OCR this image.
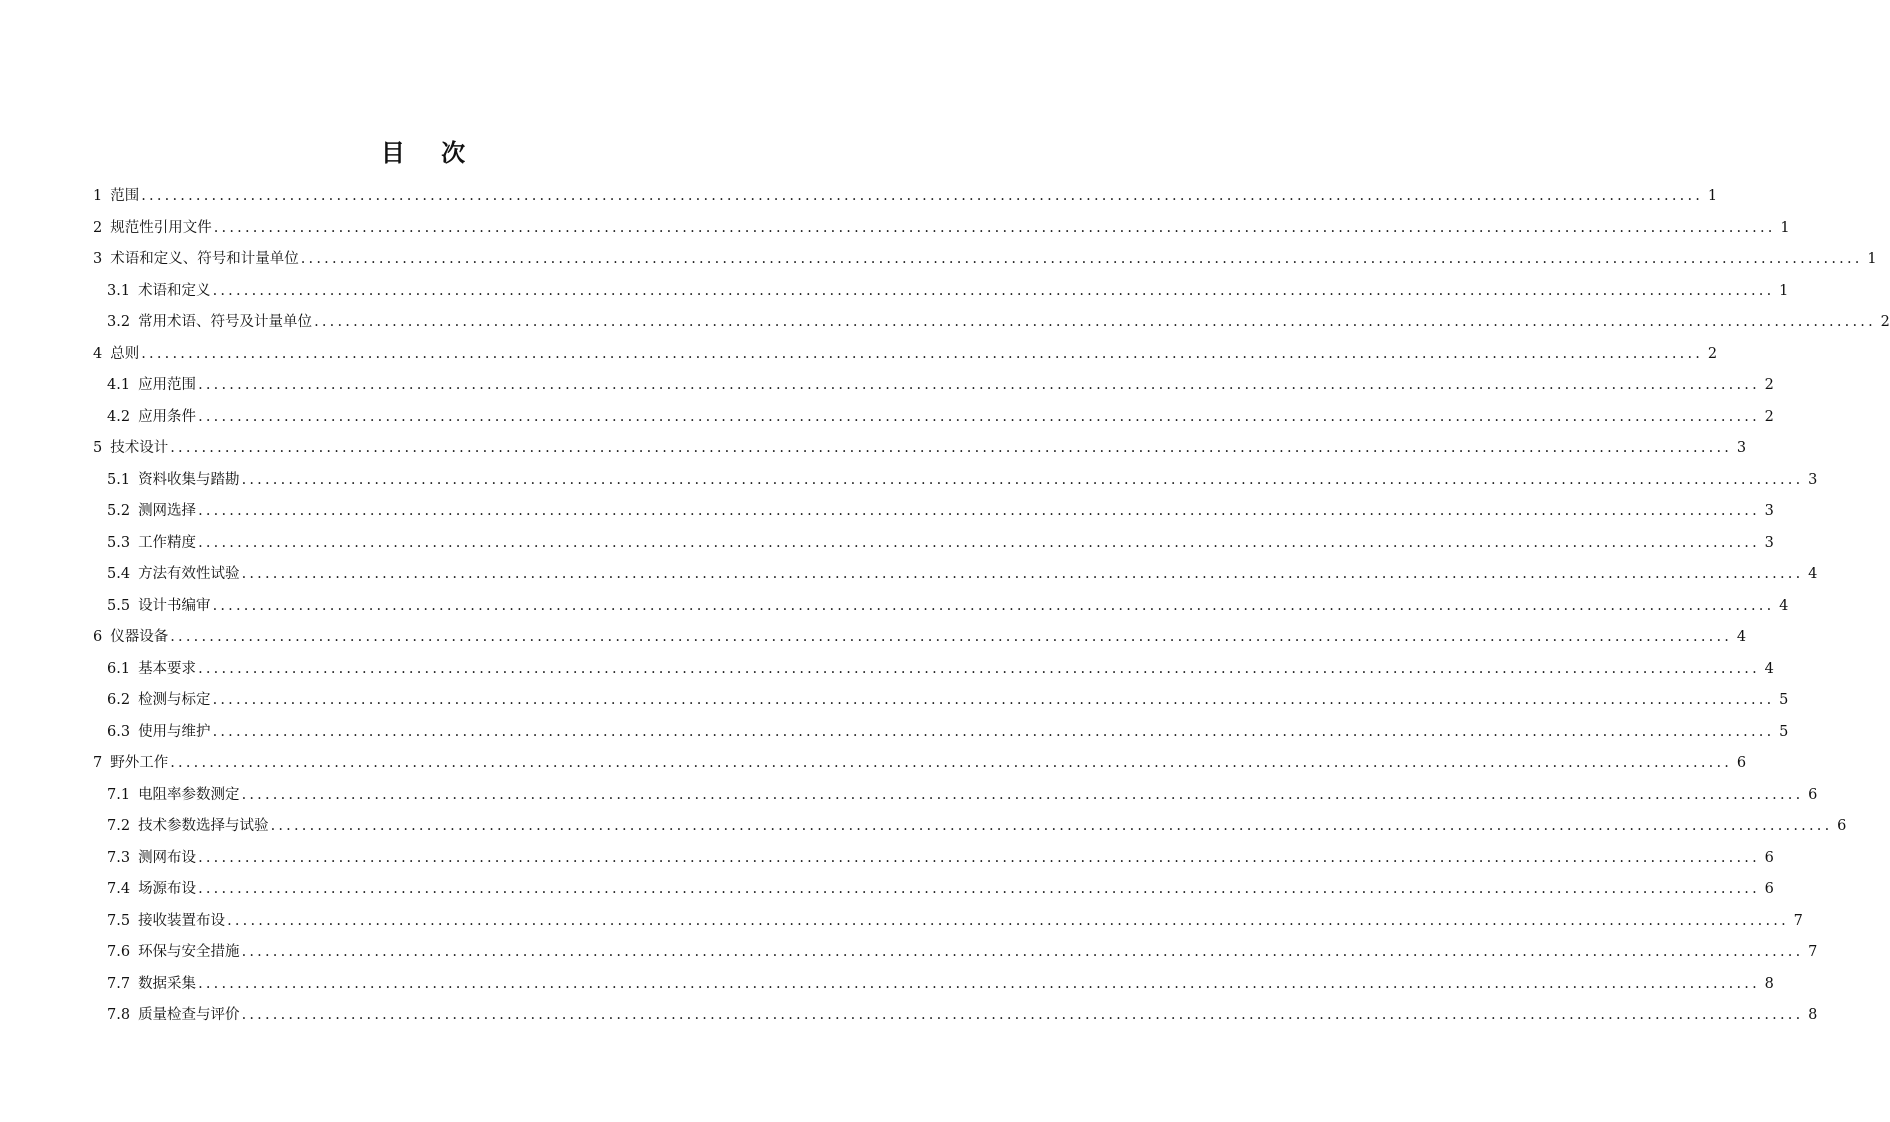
目 次
1 范围 ........................................................................................................................................................................................................ 1
2 规范性引用文件 ........................................................................................................................................................................................................ 1
3 术语和定义、符号和计量单位 ........................................................................................................................................................................................................ 1
3.1 术语和定义 ........................................................................................................................................................................................................ 1
3.2 常用术语、符号及计量单位 ........................................................................................................................................................................................................ 2
4 总则 ........................................................................................................................................................................................................ 2
4.1 应用范围 ........................................................................................................................................................................................................ 2
4.2 应用条件 ........................................................................................................................................................................................................ 2
5 技术设计 ........................................................................................................................................................................................................ 3
5.1 资料收集与踏勘 ........................................................................................................................................................................................................ 3
5.2 测网选择 ........................................................................................................................................................................................................ 3
5.3 工作精度 ........................................................................................................................................................................................................ 3
5.4 方法有效性试验 ........................................................................................................................................................................................................ 4
5.5 设计书编审 ........................................................................................................................................................................................................ 4
6 仪器设备 ........................................................................................................................................................................................................ 4
6.1 基本要求 ........................................................................................................................................................................................................ 4
6.2 检测与标定 ........................................................................................................................................................................................................ 5
6.3 使用与维护 ........................................................................................................................................................................................................ 5
7 野外工作 ........................................................................................................................................................................................................ 6
7.1 电阻率参数测定 ........................................................................................................................................................................................................ 6
7.2 技术参数选择与试验 ........................................................................................................................................................................................................ 6
7.3 测网布设 ........................................................................................................................................................................................................ 6
7.4 场源布设 ........................................................................................................................................................................................................ 6
7.5 接收装置布设 ........................................................................................................................................................................................................ 7
7.6 环保与安全措施 ........................................................................................................................................................................................................ 7
7.7 数据采集 ........................................................................................................................................................................................................ 8
7.8 质量检查与评价 ........................................................................................................................................................................................................ 8
